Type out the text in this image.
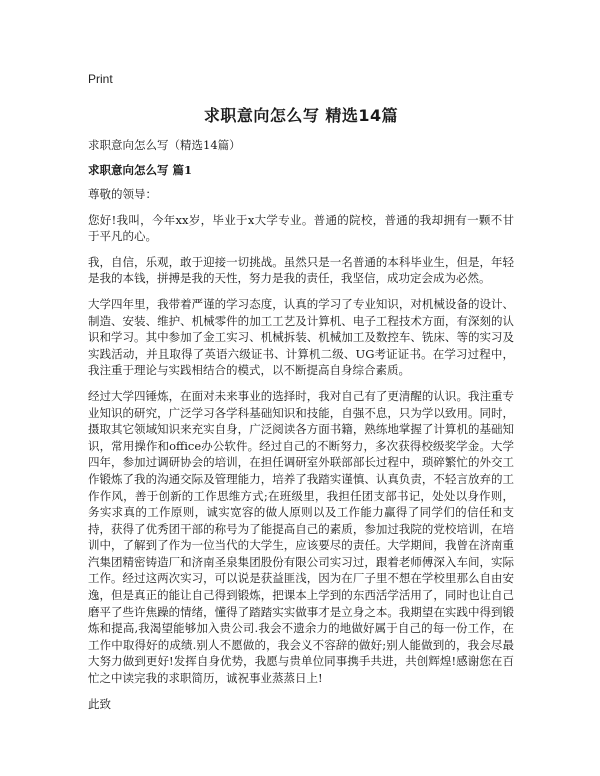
Print
求职意向怎么写 精选14篇
求职意向怎么写（精选14篇）
求职意向怎么写 篇1
尊敬的领导：
您好!我叫，今年xx岁，毕业于x大学专业。普通的院校，普通的我却拥有一颗不甘于平凡的心。
我，自信，乐观，敢于迎接一切挑战。虽然只是一名普通的本科毕业生，但是，年轻是我的本钱，拼搏是我的天性，努力是我的责任，我坚信，成功定会成为必然。
大学四年里，我带着严谨的学习态度，认真的学习了专业知识，对机械设备的设计、制造、安装、维护、机械零件的加工工艺及计算机、电子工程技术方面，有深刻的认识和学习。其中参加了金工实习、机械拆装、机械加工及数控车、铣床、等的实习及实践活动，并且取得了英语六级证书、计算机二级、UG考证证书。在学习过程中，我注重于理论与实践相结合的模式，以不断提高自身综合素质。
经过大学四锤炼，在面对未来事业的选择时，我对自己有了更清醒的认识。我注重专业知识的研究，广泛学习各学科基础知识和技能，自强不息，只为学以致用。同时，摄取其它领域知识来充实自身，广泛阅读各方面书籍，熟练地掌握了计算机的基础知识，常用操作和office办公软件。经过自己的不断努力，多次获得校级奖学金。大学四年，参加过调研协会的培训，在担任调研室外联部部长过程中，琐碎繁忙的外交工作锻炼了我的沟通交际及管理能力，培养了我踏实谨慎、认真负责，不轻言放弃的工作作风，善于创新的工作思维方式;在班级里，我担任团支部书记，处处以身作则，务实求真的工作原则，诚实宽容的做人原则以及工作能力赢得了同学们的信任和支持，获得了优秀团干部的称号为了能提高自己的素质，参加过我院的党校培训，在培训中，了解到了作为一位当代的大学生，应该要尽的责任。大学期间，我曾在济南重汽集团精密铸造厂和济南圣泉集团股份有限公司实习过，跟着老师傅深入车间，实际工作。经过这两次实习，可以说是获益匪浅，因为在厂子里不想在学校里那么自由安逸，但是真正的能让自己得到锻炼，把课本上学到的东西活学活用了，同时也让自己磨平了些许焦躁的情绪，懂得了踏踏实实做事才是立身之本。我期望在实践中得到锻炼和提高,我渴望能够加入贵公司.我会不遗余力的地做好属于自己的每一份工作，在工作中取得好的成绩.别人不愿做的，我会义不容辞的做好;别人能做到的，我会尽最大努力做到更好!发挥自身优势，我愿与贵单位同事携手共进，共创辉煌!感谢您在百忙之中读完我的求职简历，诚祝事业蒸蒸日上!
此致
